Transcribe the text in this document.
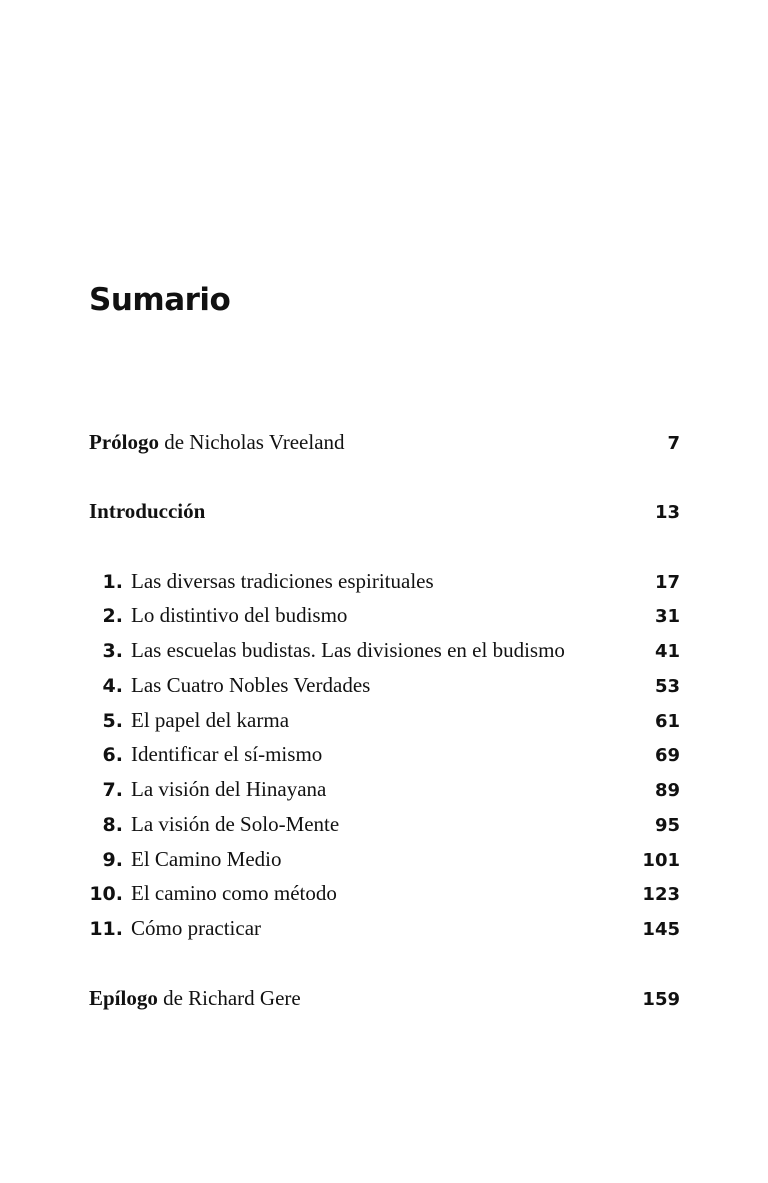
Sumario
Prólogo de Nicholas Vreeland	7
Introducción	13
1. Las diversas tradiciones espirituales	17
2. Lo distintivo del budismo	31
3. Las escuelas budistas. Las divisiones en el budismo	41
4. Las Cuatro Nobles Verdades	53
5. El papel del karma	61
6. Identificar el sí-mismo	69
7. La visión del Hinayana	89
8. La visión de Solo-Mente	95
9. El Camino Medio	101
10. El camino como método	123
11. Cómo practicar	145
Epílogo de Richard Gere	159
